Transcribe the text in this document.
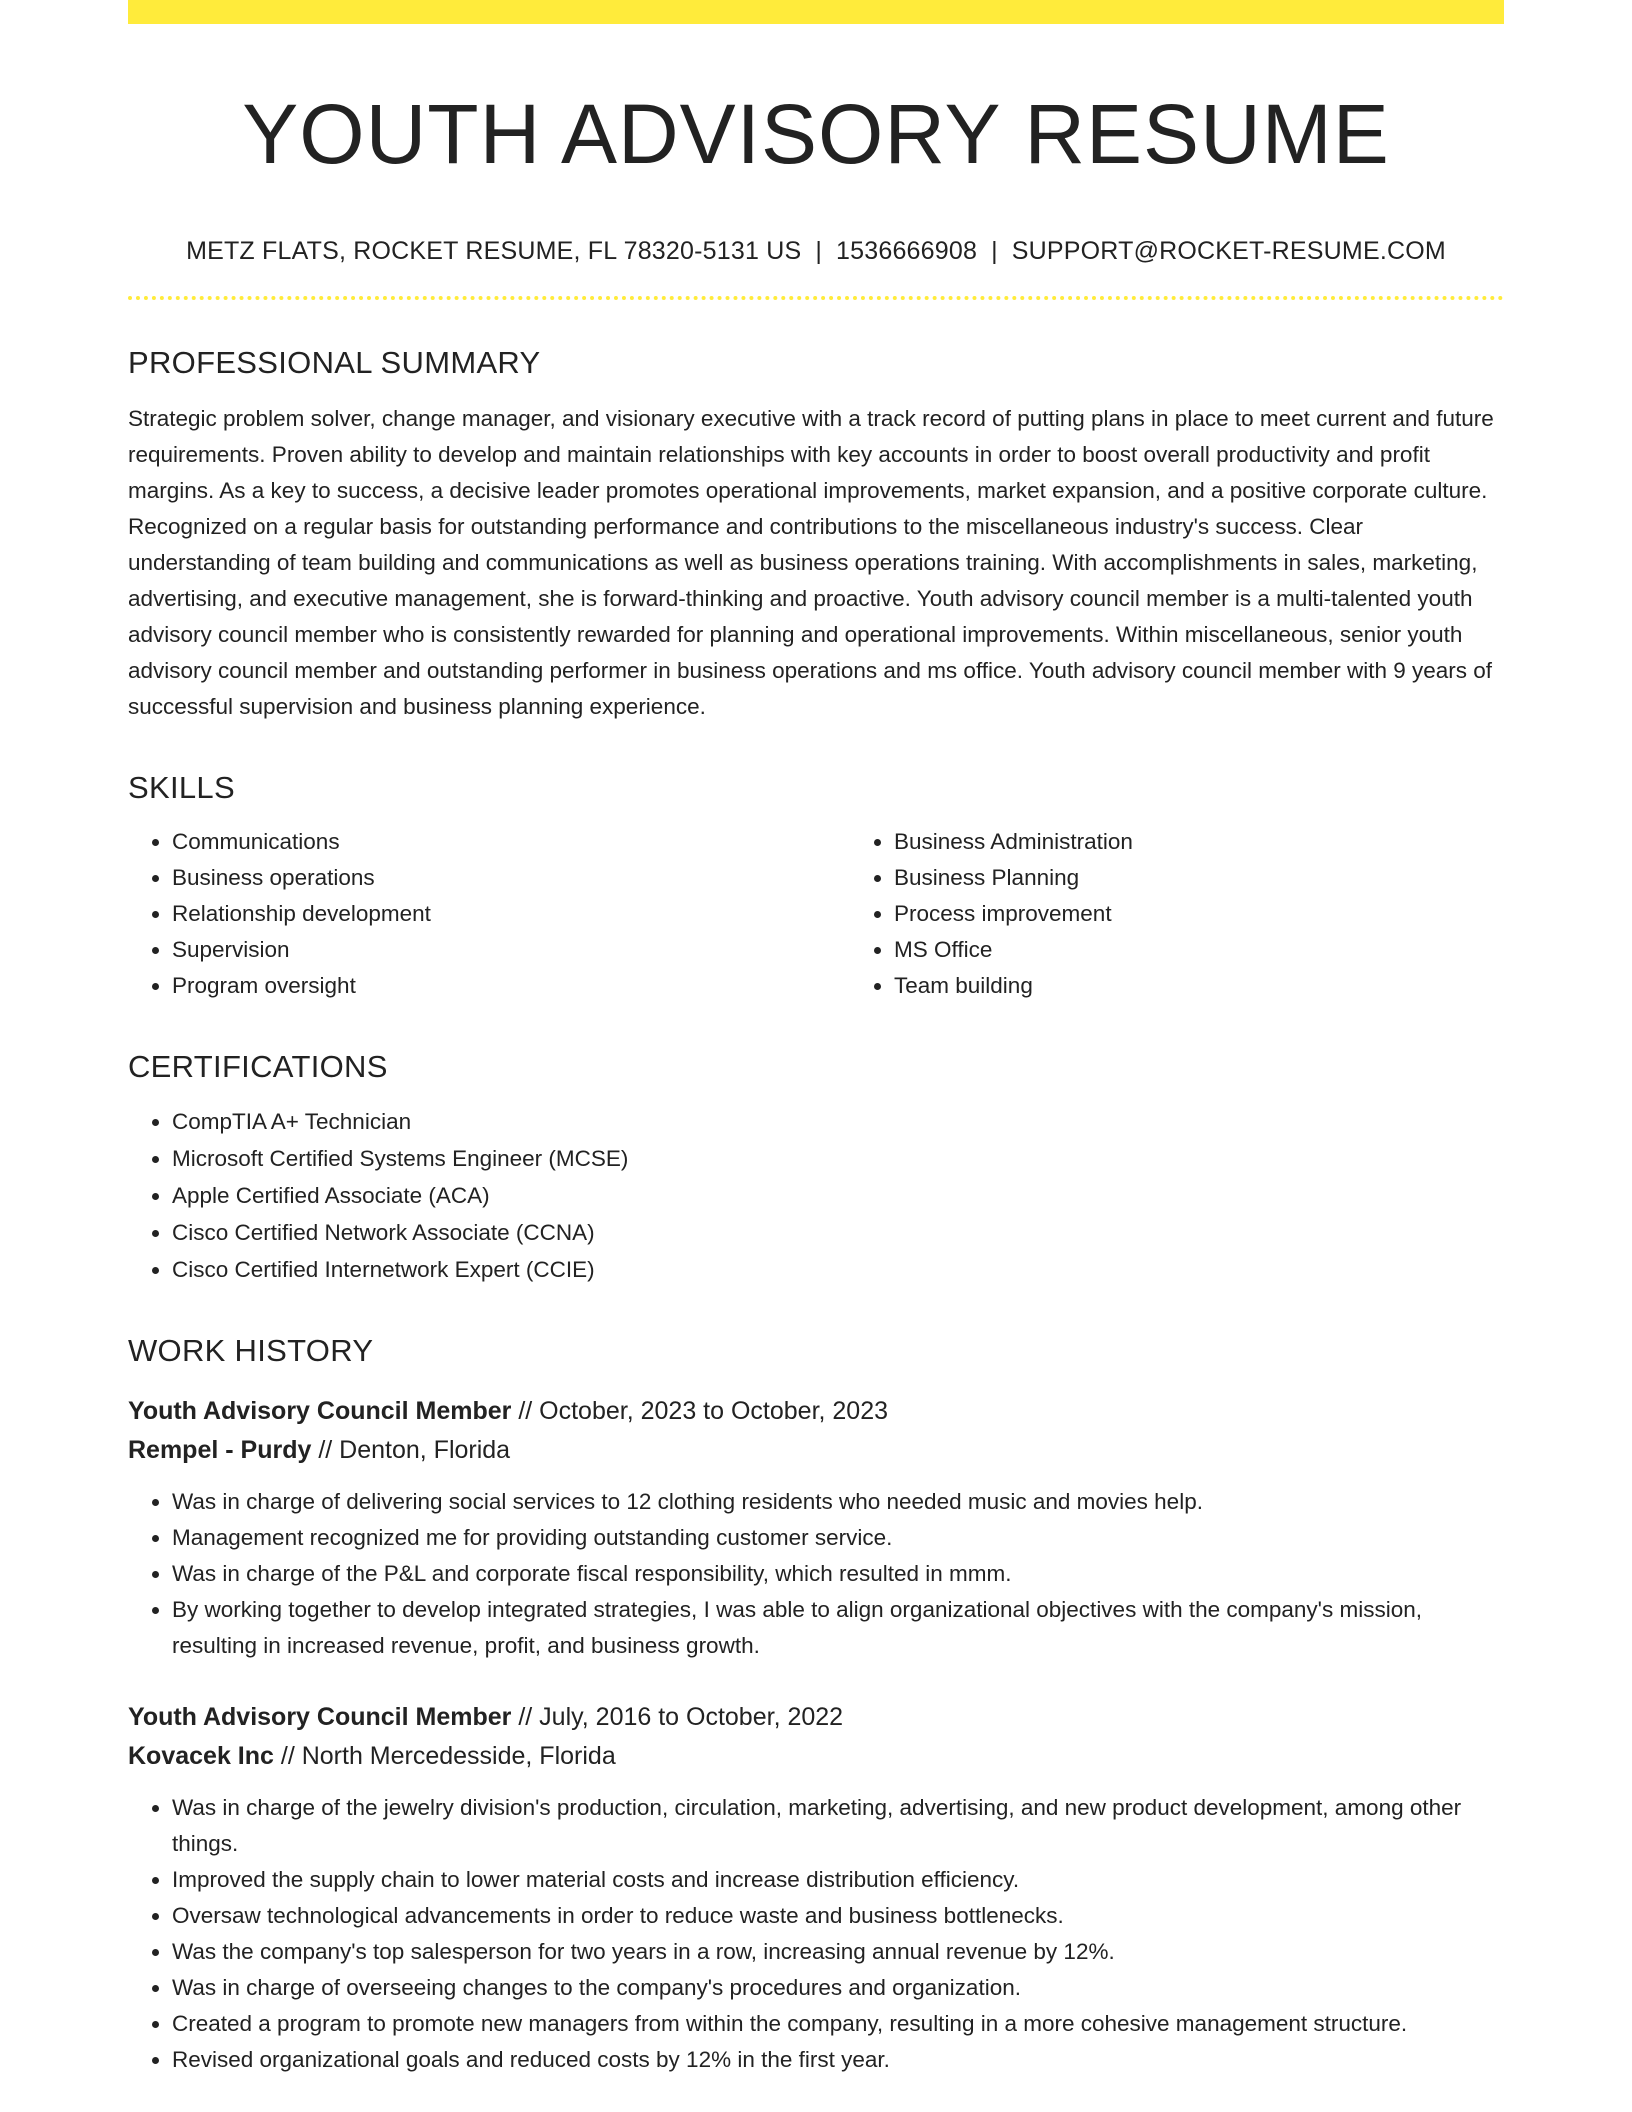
YOUTH ADVISORY RESUME
METZ FLATS, ROCKET RESUME, FL 78320-5131 US | 1536666908 | SUPPORT@ROCKET-RESUME.COM
PROFESSIONAL SUMMARY

Strategic problem solver, change manager, and visionary executive with a track record of putting plans in place to meet current and future requirements. Proven ability to develop and maintain relationships with key accounts in order to boost overall productivity and profit margins. As a key to success, a decisive leader promotes operational improvements, market expansion, and a positive corporate culture. Recognized on a regular basis for outstanding performance and contributions to the miscellaneous industry's success. Clear understanding of team building and communications as well as business operations training. With accomplishments in sales, marketing, advertising, and executive management, she is forward-thinking and proactive. Youth advisory council member is a multi-talented youth advisory council member who is consistently rewarded for planning and operational improvements. Within miscellaneous, senior youth advisory council member and outstanding performer in business operations and ms office. Youth advisory council member with 9 years of successful supervision and business planning experience.

SKILLS
• Communications
• Business operations
• Relationship development
• Supervision
• Program oversight
• Business Administration
• Business Planning
• Process improvement
• MS Office
• Team building
CERTIFICATIONS
• CompTIA A+ Technician
• Microsoft Certified Systems Engineer (MCSE)
• Apple Certified Associate (ACA)
• Cisco Certified Network Associate (CCNA)
• Cisco Certified Internetwork Expert (CCIE)
WORK HISTORY
Youth Advisory Council Member // October, 2023 to October, 2023
Rempel - Purdy // Denton, Florida
• Was in charge of delivering social services to 12 clothing residents who needed music and movies help.
• Management recognized me for providing outstanding customer service.
• Was in charge of the P&L and corporate fiscal responsibility, which resulted in mmm.
• By working together to develop integrated strategies, I was able to align organizational objectives with the company's mission, resulting in increased revenue, profit, and business growth.
Youth Advisory Council Member // July, 2016 to October, 2022
Kovacek Inc // North Mercedesside, Florida
• Was in charge of the jewelry division's production, circulation, marketing, advertising, and new product development, among other things.
• Improved the supply chain to lower material costs and increase distribution efficiency.
• Oversaw technological advancements in order to reduce waste and business bottlenecks.
• Was the company's top salesperson for two years in a row, increasing annual revenue by 12%.
• Was in charge of overseeing changes to the company's procedures and organization.
• Created a program to promote new managers from within the company, resulting in a more cohesive management structure.
• Revised organizational goals and reduced costs by 12% in the first year.
